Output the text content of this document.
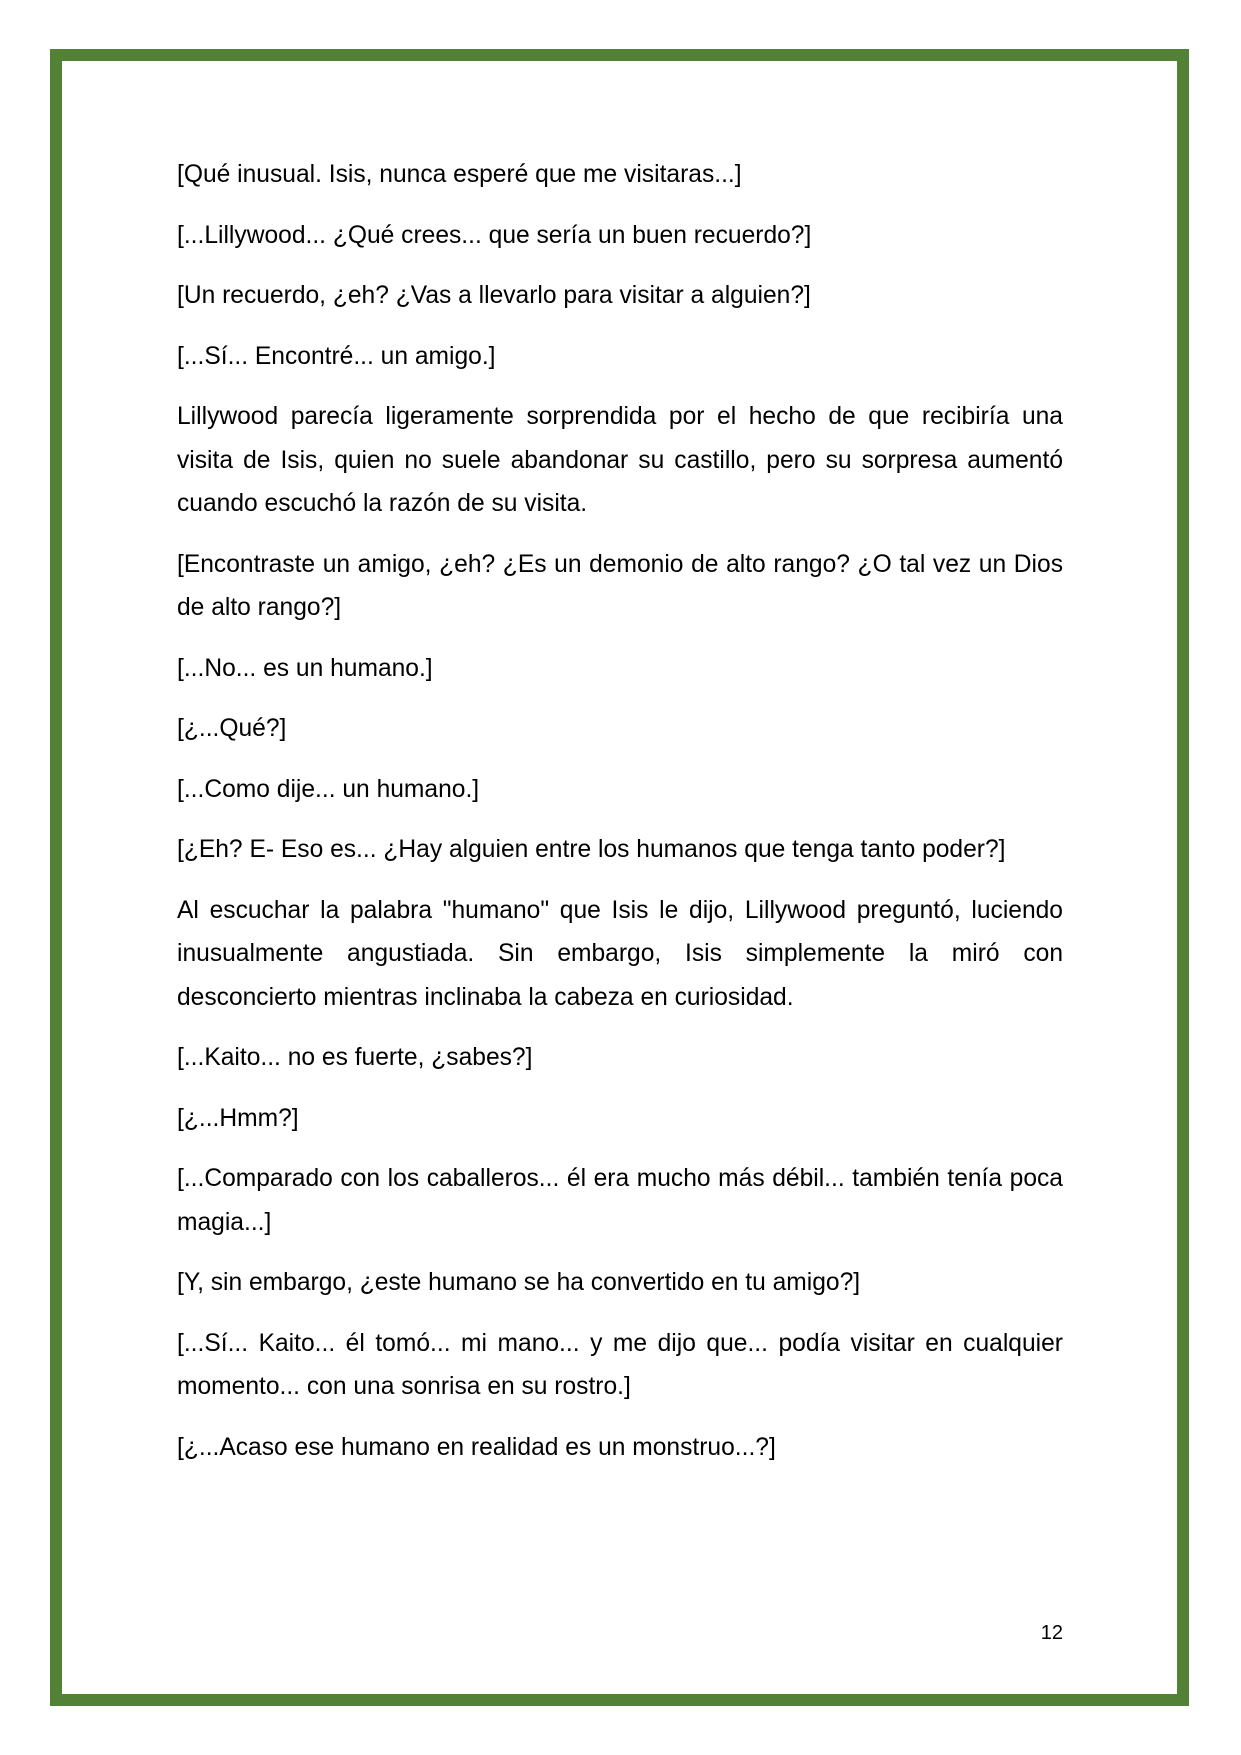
[Qué inusual. Isis, nunca esperé que me visitaras...]

[...Lillywood... ¿Qué crees... que sería un buen recuerdo?]

[Un recuerdo, ¿eh? ¿Vas a llevarlo para visitar a alguien?]

[...Sí... Encontré... un amigo.]

Lillywood parecía ligeramente sorprendida por el hecho de que recibiría una visita de Isis, quien no suele abandonar su castillo, pero su sorpresa aumentó cuando escuchó la razón de su visita.

[Encontraste un amigo, ¿eh? ¿Es un demonio de alto rango? ¿O tal vez un Dios de alto rango?]

[...No... es un humano.]

[¿...Qué?]

[...Como dije... un humano.]

[¿Eh? E- Eso es... ¿Hay alguien entre los humanos que tenga tanto poder?]

Al escuchar la palabra "humano" que Isis le dijo, Lillywood preguntó, luciendo inusualmente angustiada. Sin embargo, Isis simplemente la miró con desconcierto mientras inclinaba la cabeza en curiosidad.

[...Kaito... no es fuerte, ¿sabes?]

[¿...Hmm?]

[...Comparado con los caballeros... él era mucho más débil... también tenía poca magia...]

[Y, sin embargo, ¿este humano se ha convertido en tu amigo?]

[...Sí... Kaito... él tomó... mi mano... y me dijo que... podía visitar en cualquier momento... con una sonrisa en su rostro.]

[¿...Acaso ese humano en realidad es un monstruo...?]

12
